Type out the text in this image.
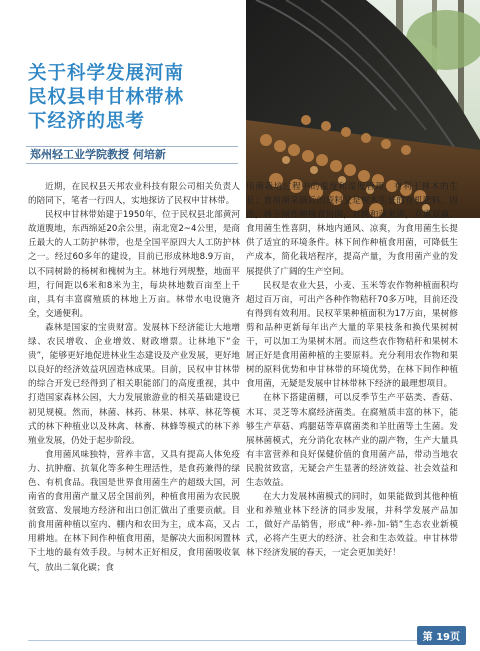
关于科学发展河南
民权县申甘林带林
下经济的思考
郑州轻工业学院教授 何培新

近期，在民权县天邦农业科技有限公司相关负责人的陪同下，笔者一行四人，实地探访了民权申甘林带。

民权申甘林带始建于1950年，位于民权县北部黄河故道腹地，东西绵延20余公里，南北宽2~4公里，是商丘最大的人工防护林带，也是全国平原四大人工防护林之一。经过60多年的建设，目前已形成林地8.9万亩，以不同树龄的杨树和槐树为主。林地行列规整，地面平坦，行间距以6米和8米为主，每块林地数百亩至上千亩，具有丰富腐殖质的林地上万亩。林带水电设施齐全，交通便利。

森林是国家的宝贵财富。发展林下经济能让大地增绿、农民增收、企业增效、财政增票。让林地下“金贵”，能够更好地促进林业生态建设及产业发展，更好地以良好的经济效益巩固造林成果。目前，民权申甘林带的综合开发已经得到了相关职能部门的高度重视，其中打造国家森林公园，大力发展旅游业的相关基础建设已初见规模。然而，林菌、林药、林果、林草、林花等模式的林下种植业以及林禽、林畜、林蜂等模式的林下养殖业发展，仍处于起步阶段。

食用菌风味独特，营养丰富，又具有提高人体免疫力、抗肿瘤、抗氧化等多种生理活性，是食药兼得的绿色、有机食品。我国是世界食用菌生产的超级大国，河南省的食用菌产量又居全国前列，种植食用菌为农民脱贫致富、发展地方经济和出口创汇做出了重要贡献。目前食用菌种植以室内、棚内和农田为主，成本高，又占用耕地。在林下间作种植食用菌，是解决大面积闲置林下土地的最有效手段。与树木正好相反，食用菌吸收氧气，放出二氧化碳；食

用菌栽培过程中的温度和湿度管理，有利于林木的生长；食用菌采摘后的废料又是树木生长的有机肥料。因此，林下间作种植食用菌，对树和菌来讲，互惠双赢。食用菌生性喜阴，林地内通风、凉爽，为食用菌生长提供了适宜的环境条件。林下间作种植食用菌，可降低生产成本，简化栽培程序，提高产量，为食用菌产业的发展提供了广阔的生产空间。

民权是农业大县，小麦、玉米等农作物种植面积均超过百万亩，可出产各种作物秸秆70多万吨，目前还没有得到有效利用。民权苹果种植面积为17万亩，果树修剪和品种更新每年出产大量的苹果枝条和换代果树树干，可以加工为果树木屑。而这些农作物秸秆和果树木屑正好是食用菌种植的主要原料。充分利用农作物和果树的原料优势和申甘林带的环境优势，在林下间作种植食用菌，无疑是发展申甘林带林下经济的最理想项目。

在林下搭建菌棚，可以反季节生产平菇类、香菇、木耳、灵芝等木腐经济菌类。在腐殖质丰富的林下，能够生产草菇、鸡腿菇等草腐菌类和羊肚菌等土生菌。发展林菌模式，充分消化农林产业的副产物，生产大量具有丰富营养和良好保健价值的食用菌产品，带动当地农民脱贫致富，无疑会产生显著的经济效益、社会效益和生态效益。

在大力发展林菌模式的同时，如果能做到其他种植业和养殖业林下经济的同步发展，并科学发展产品加工，做好产品销售，形成“种-养-加-销”生态农业新模式，必将产生更大的经济、社会和生态效益。申甘林带林下经济发展的春天，一定会更加美好！

第 19页
